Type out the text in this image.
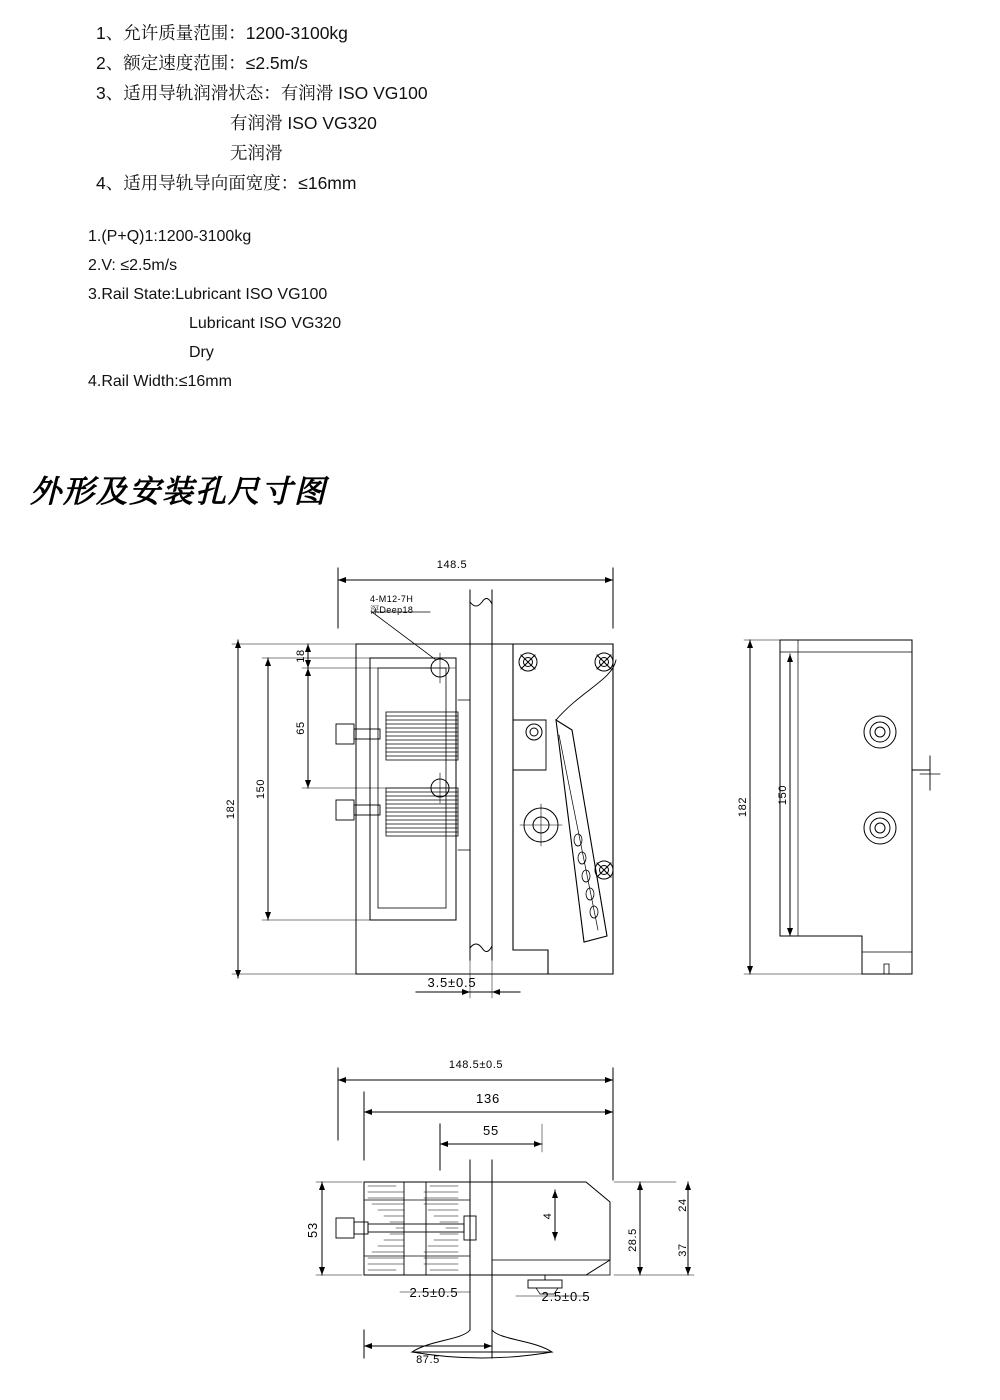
1、允许质量范围：1200-3100kg
2、额定速度范围：≤2.5m/s
3、适用导轨润滑状态：有润滑 ISO VG100
有润滑 ISO VG320
无润滑
4、适用导轨导向面宽度：≤16mm
1.(P+Q)1:1200-3100kg
2.V: ≤2.5m/s
3.Rail State:Lubricant ISO VG100
Lubricant ISO VG320
Dry
4.Rail Width:≤16mm
外形及安装孔尺寸图
148.5
4-M12-7H
深Deep18
18
65
150
182
3.5±0.5
182
150
148.5±0.5
136
55
4
53
24
28.5	37
2.5±0.5	2.5±0.5
87.5
